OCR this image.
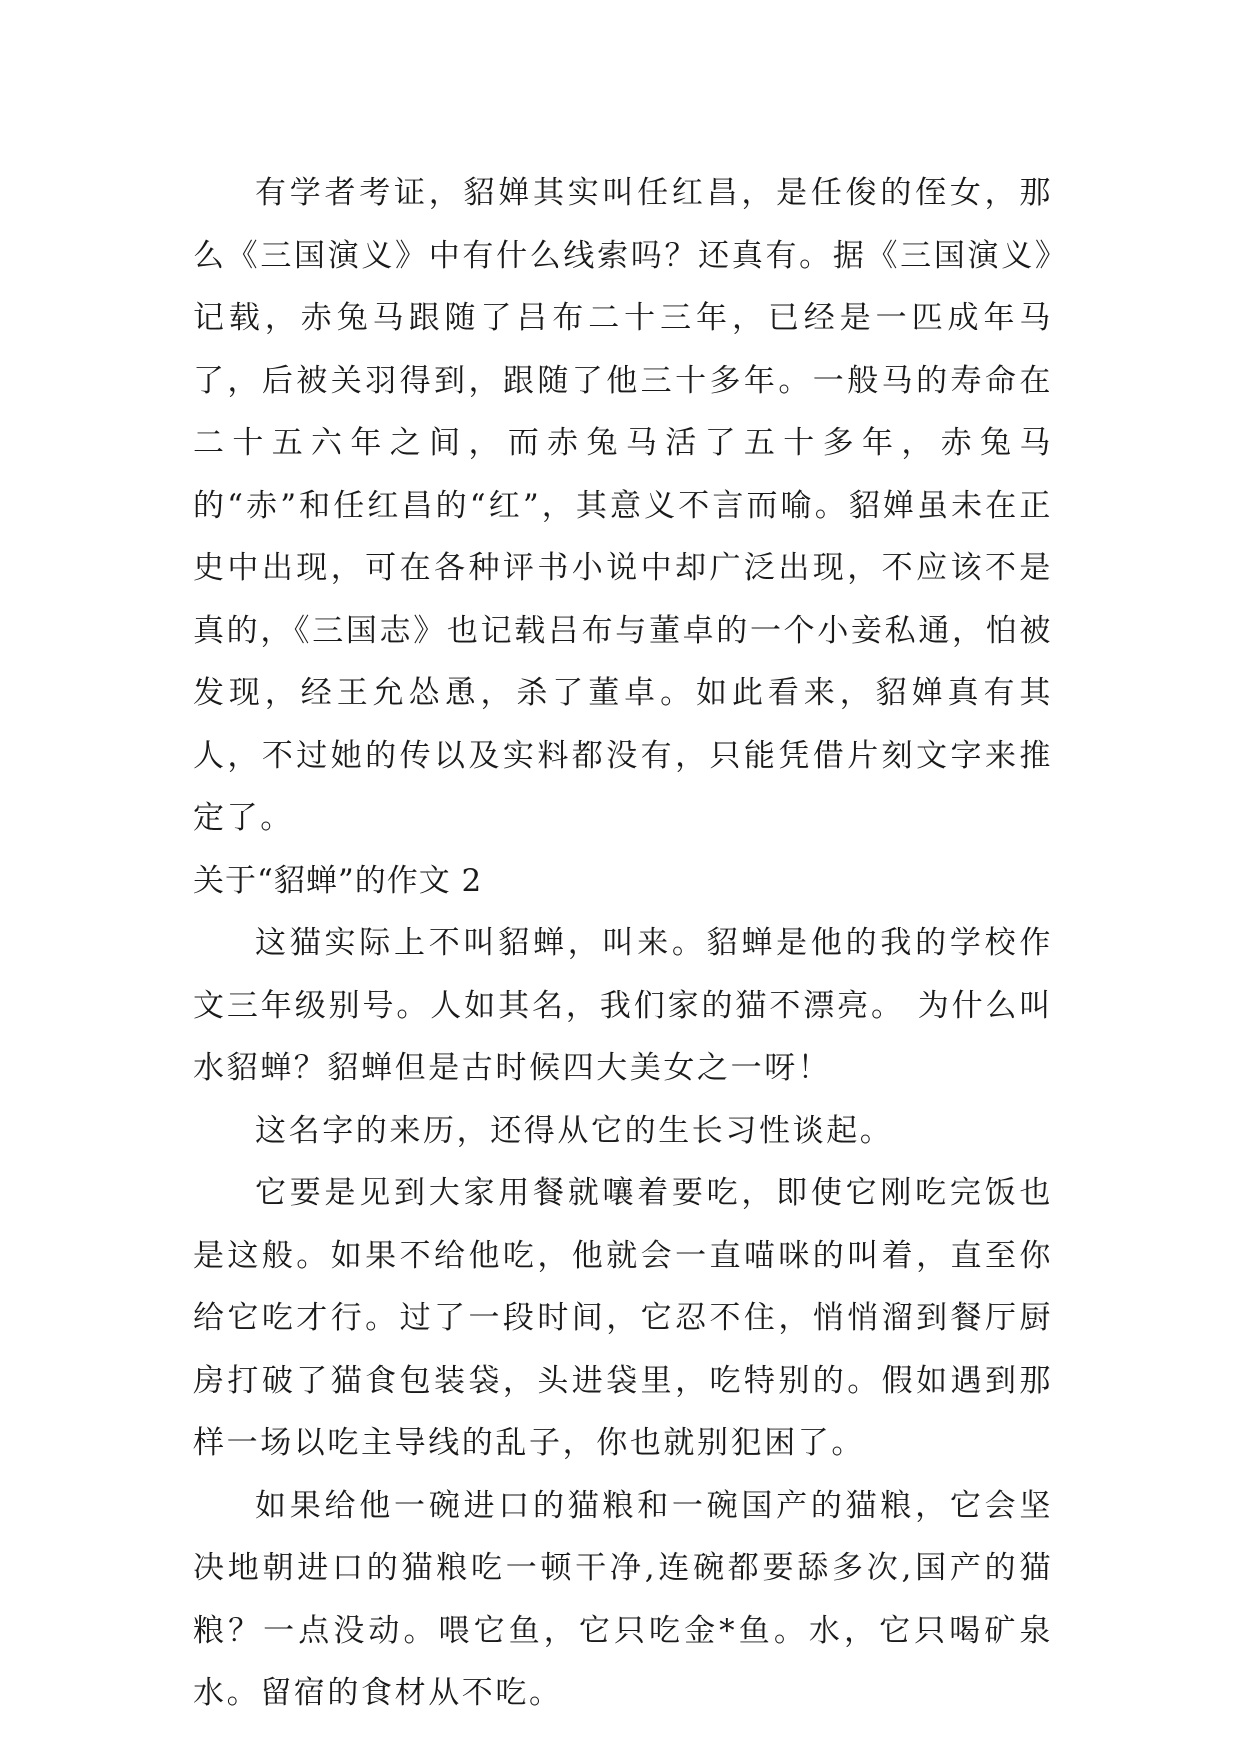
有学者考证，貂婵其实叫任红昌，是任俊的侄女，那么《三国演义》中有什么线索吗？还真有。据《三国演义》记载，赤兔马跟随了吕布二十三年，已经是一匹成年马了，后被关羽得到，跟随了他三十多年。一般马的寿命在二十五六年之间，而赤兔马活了五十多年，赤兔马的“赤”和任红昌的“红”，其意义不言而喻。貂婵虽未在正史中出现，可在各种评书小说中却广泛出现，不应该不是真的，《三国志》也记载吕布与董卓的一个小妾私通，怕被发现，经王允怂恿，杀了董卓。如此看来，貂婵真有其人，不过她的传以及实料都没有，只能凭借片刻文字来推定了。

关于“貂蝉”的作文 2

这猫实际上不叫貂蝉，叫来。貂蝉是他的我的学校作文三年级别号。人如其名，我们家的猫不漂亮。 为什么叫水貂蝉？貂蝉但是古时候四大美女之一呀！

这名字的来历，还得从它的生长习性谈起。

它要是见到大家用餐就嚷着要吃，即使它刚吃完饭也是这般。如果不给他吃，他就会一直喵咪的叫着，直至你给它吃才行。过了一段时间，它忍不住，悄悄溜到餐厅厨房打破了猫食包装袋，头进袋里，吃特别的。假如遇到那样一场以吃主导线的乱子，你也就别犯困了。

如果给他一碗进口的猫粮和一碗国产的猫粮，它会坚决地朝进口的猫粮吃一顿干净,连碗都要舔多次,国产的猫粮？一点没动。喂它鱼，它只吃金*鱼。水，它只喝矿泉水。留宿的食材从不吃。
